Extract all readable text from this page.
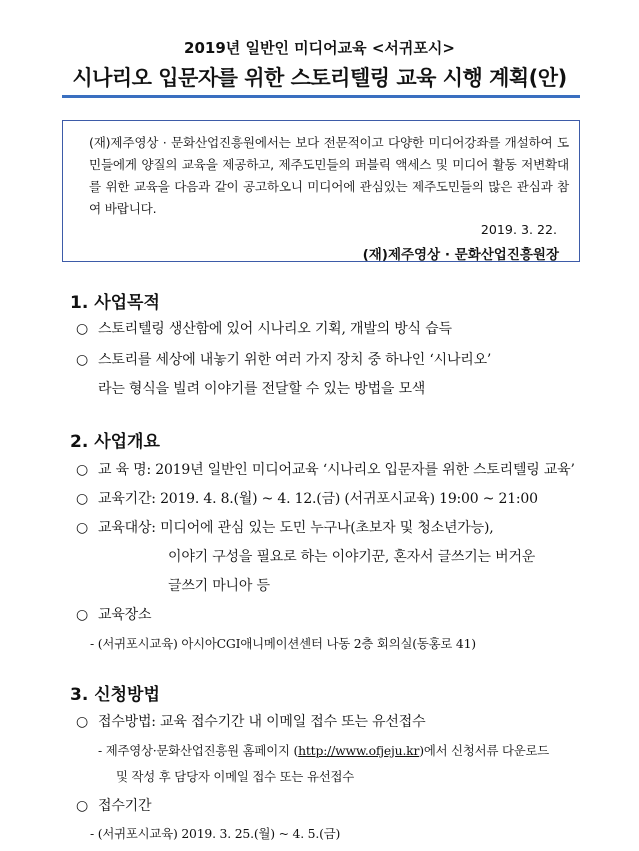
2019년 일반인 미디어교육 <서귀포시>
시나리오 입문자를 위한 스토리텔링 교육 시행 계획(안)
(재)제주영상 · 문화산업진흥원에서는 보다 전문적이고 다양한 미디어강좌를 개설하여 도민들에게 양질의 교육을 제공하고, 제주도민들의 퍼블릭 액세스 및 미디어 활동 저변확대를 위한 교육을 다음과 같이 공고하오니 미디어에 관심있는 제주도민들의 많은 관심과 참여 바랍니다.
2019. 3. 22.
(재)제주영상 · 문화산업진흥원장
1. 사업목적
○ 스토리텔링 생산함에 있어 시나리오 기획, 개발의 방식 습득
○ 스토리를 세상에 내놓기 위한 여러 가지 장치 중 하나인 ‘시나리오’
라는 형식을 빌려 이야기를 전달할 수 있는 방법을 모색
2. 사업개요
○ 교 육 명: 2019년 일반인 미디어교육 ‘시나리오 입문자를 위한 스토리텔링 교육’
○ 교육기간: 2019. 4. 8.(월) ~ 4. 12.(금) (서귀포시교육) 19:00 ~ 21:00
○ 교육대상: 미디어에 관심 있는 도민 누구나(초보자 및 청소년가능),
이야기 구성을 필요로 하는 이야기꾼, 혼자서 글쓰기는 버거운
글쓰기 마니아 등
○ 교육장소
- (서귀포시교육) 아시아CGI애니메이션센터 나동 2층 회의실(동홍로 41)
3. 신청방법
○ 접수방법: 교육 접수기간 내 이메일 접수 또는 유선접수
- 제주영상·문화산업진흥원 홈페이지 (http://www.ofjeju.kr)에서 신청서류 다운로드
및 작성 후 담당자 이메일 접수 또는 유선접수
○ 접수기간
- (서귀포시교육) 2019. 3. 25.(월) ~ 4. 5.(금)
